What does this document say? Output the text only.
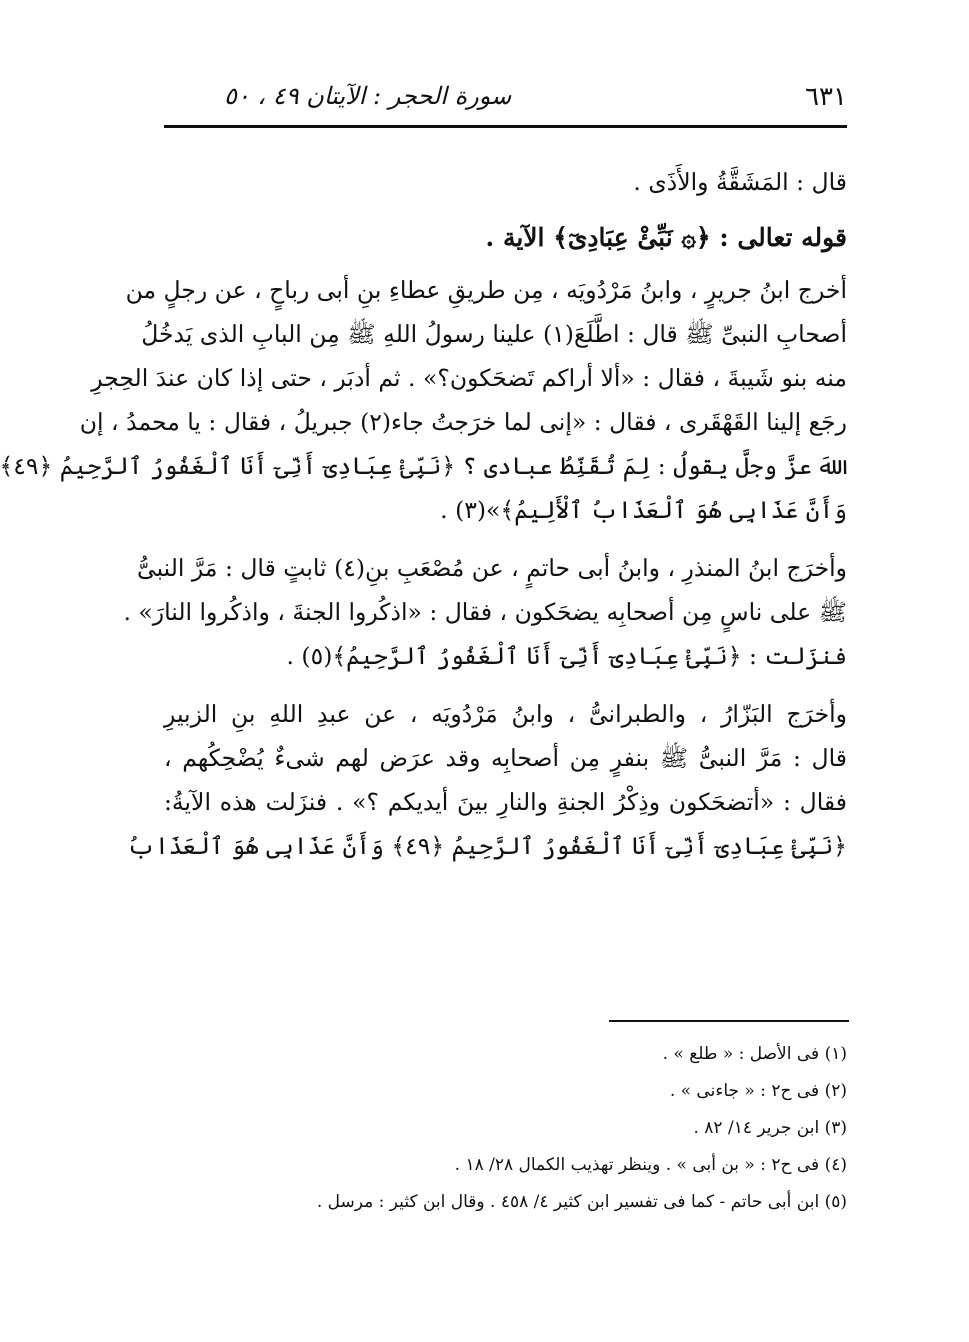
٦٣١
سورة الحجر : الآيتان ٤٩ ، ٥٠
قال : المَشَقَّةُ والأَذَى .
قوله تعالى : ﴿۞ نَبِّئْ عِبَادِىٓ﴾ الآية .
أخرج ابنُ جريرٍ ، وابنُ مَرْدُويَه ، مِن طريقِ عطاءِ بنِ أبى رباحٍ ، عن رجلٍ من
أصحابِ النبىِّ ﷺ قال : اطَّلَعَ(١) علينا رسولُ اللهِ ﷺ مِن البابِ الذى يَدخُلُ
منه بنو شَيبةَ ، فقال : «ألا أراكم تَضحَكون؟» . ثم أدبَر ، حتى إذا كان عندَ الحِجرِ
رجَع إلينا القَهْقَرى ، فقال : «إنى لما خرَجتُ جاء(٢) جبريلُ ، فقال : يا محمدُ ، إن
اللهَ عزَّ وجلَّ يقولُ : لِمَ تُقَنِّطُ عبادى ؟ ﴿نَبِّئْ عِبَادِىٓ أَنِّىٓ أَنَا ٱلْغَفُورُ ٱلرَّحِيمُ ﴿٤٩﴾
وَأَنَّ عَذَابِى هُوَ ٱلْعَذَابُ ٱلْأَلِيمُ﴾»(٣) .
وأخرَج ابنُ المنذرِ ، وابنُ أبى حاتمٍ ، عن مُصْعَبِ بنِ(٤) ثابتٍ قال : مَرَّ النبىُّ
ﷺ على ناسٍ مِن أصحابِه يضحَكون ، فقال : «اذكُروا الجنةَ ، واذكُروا النارَ» .
فنزَلت : ﴿نَبِّئْ عِبَادِىٓ أَنِّىٓ أَنَا ٱلْغَفُورُ ٱلرَّحِيمُ﴾(٥) .
وأخرَج البَزّارُ ، والطبرانىُّ ، وابنُ مَرْدُويَه ، عن عبدِ اللهِ بنِ الزبيرِ
قال : مَرَّ النبىُّ ﷺ بنفرٍ مِن أصحابِه وقد عرَض لهم شىءٌ يُضْحِكُهم ،
فقال : «أتضحَكون وذِكْرُ الجنةِ والنارِ بينَ أيديكم ؟» . فنزَلت هذه الآيةُ:
﴿نَبِّئْ عِبَادِىٓ أَنِّىٓ أَنَا ٱلْغَفُورُ ٱلرَّحِيمُ ﴿٤٩﴾ وَأَنَّ عَذَابِى هُوَ ٱلْعَذَابُ
(١) فى الأصل : « طلع » .
(٢) فى ح٢ : « جاءنى » .
(٣) ابن جرير ١٤/ ٨٢ .
(٤) فى ح٢ : « بن أبى » . وينظر تهذيب الكمال ٢٨/ ١٨ .
(٥) ابن أبى حاتم - كما فى تفسير ابن كثير ٤/ ٤٥٨ . وقال ابن كثير : مرسل .
